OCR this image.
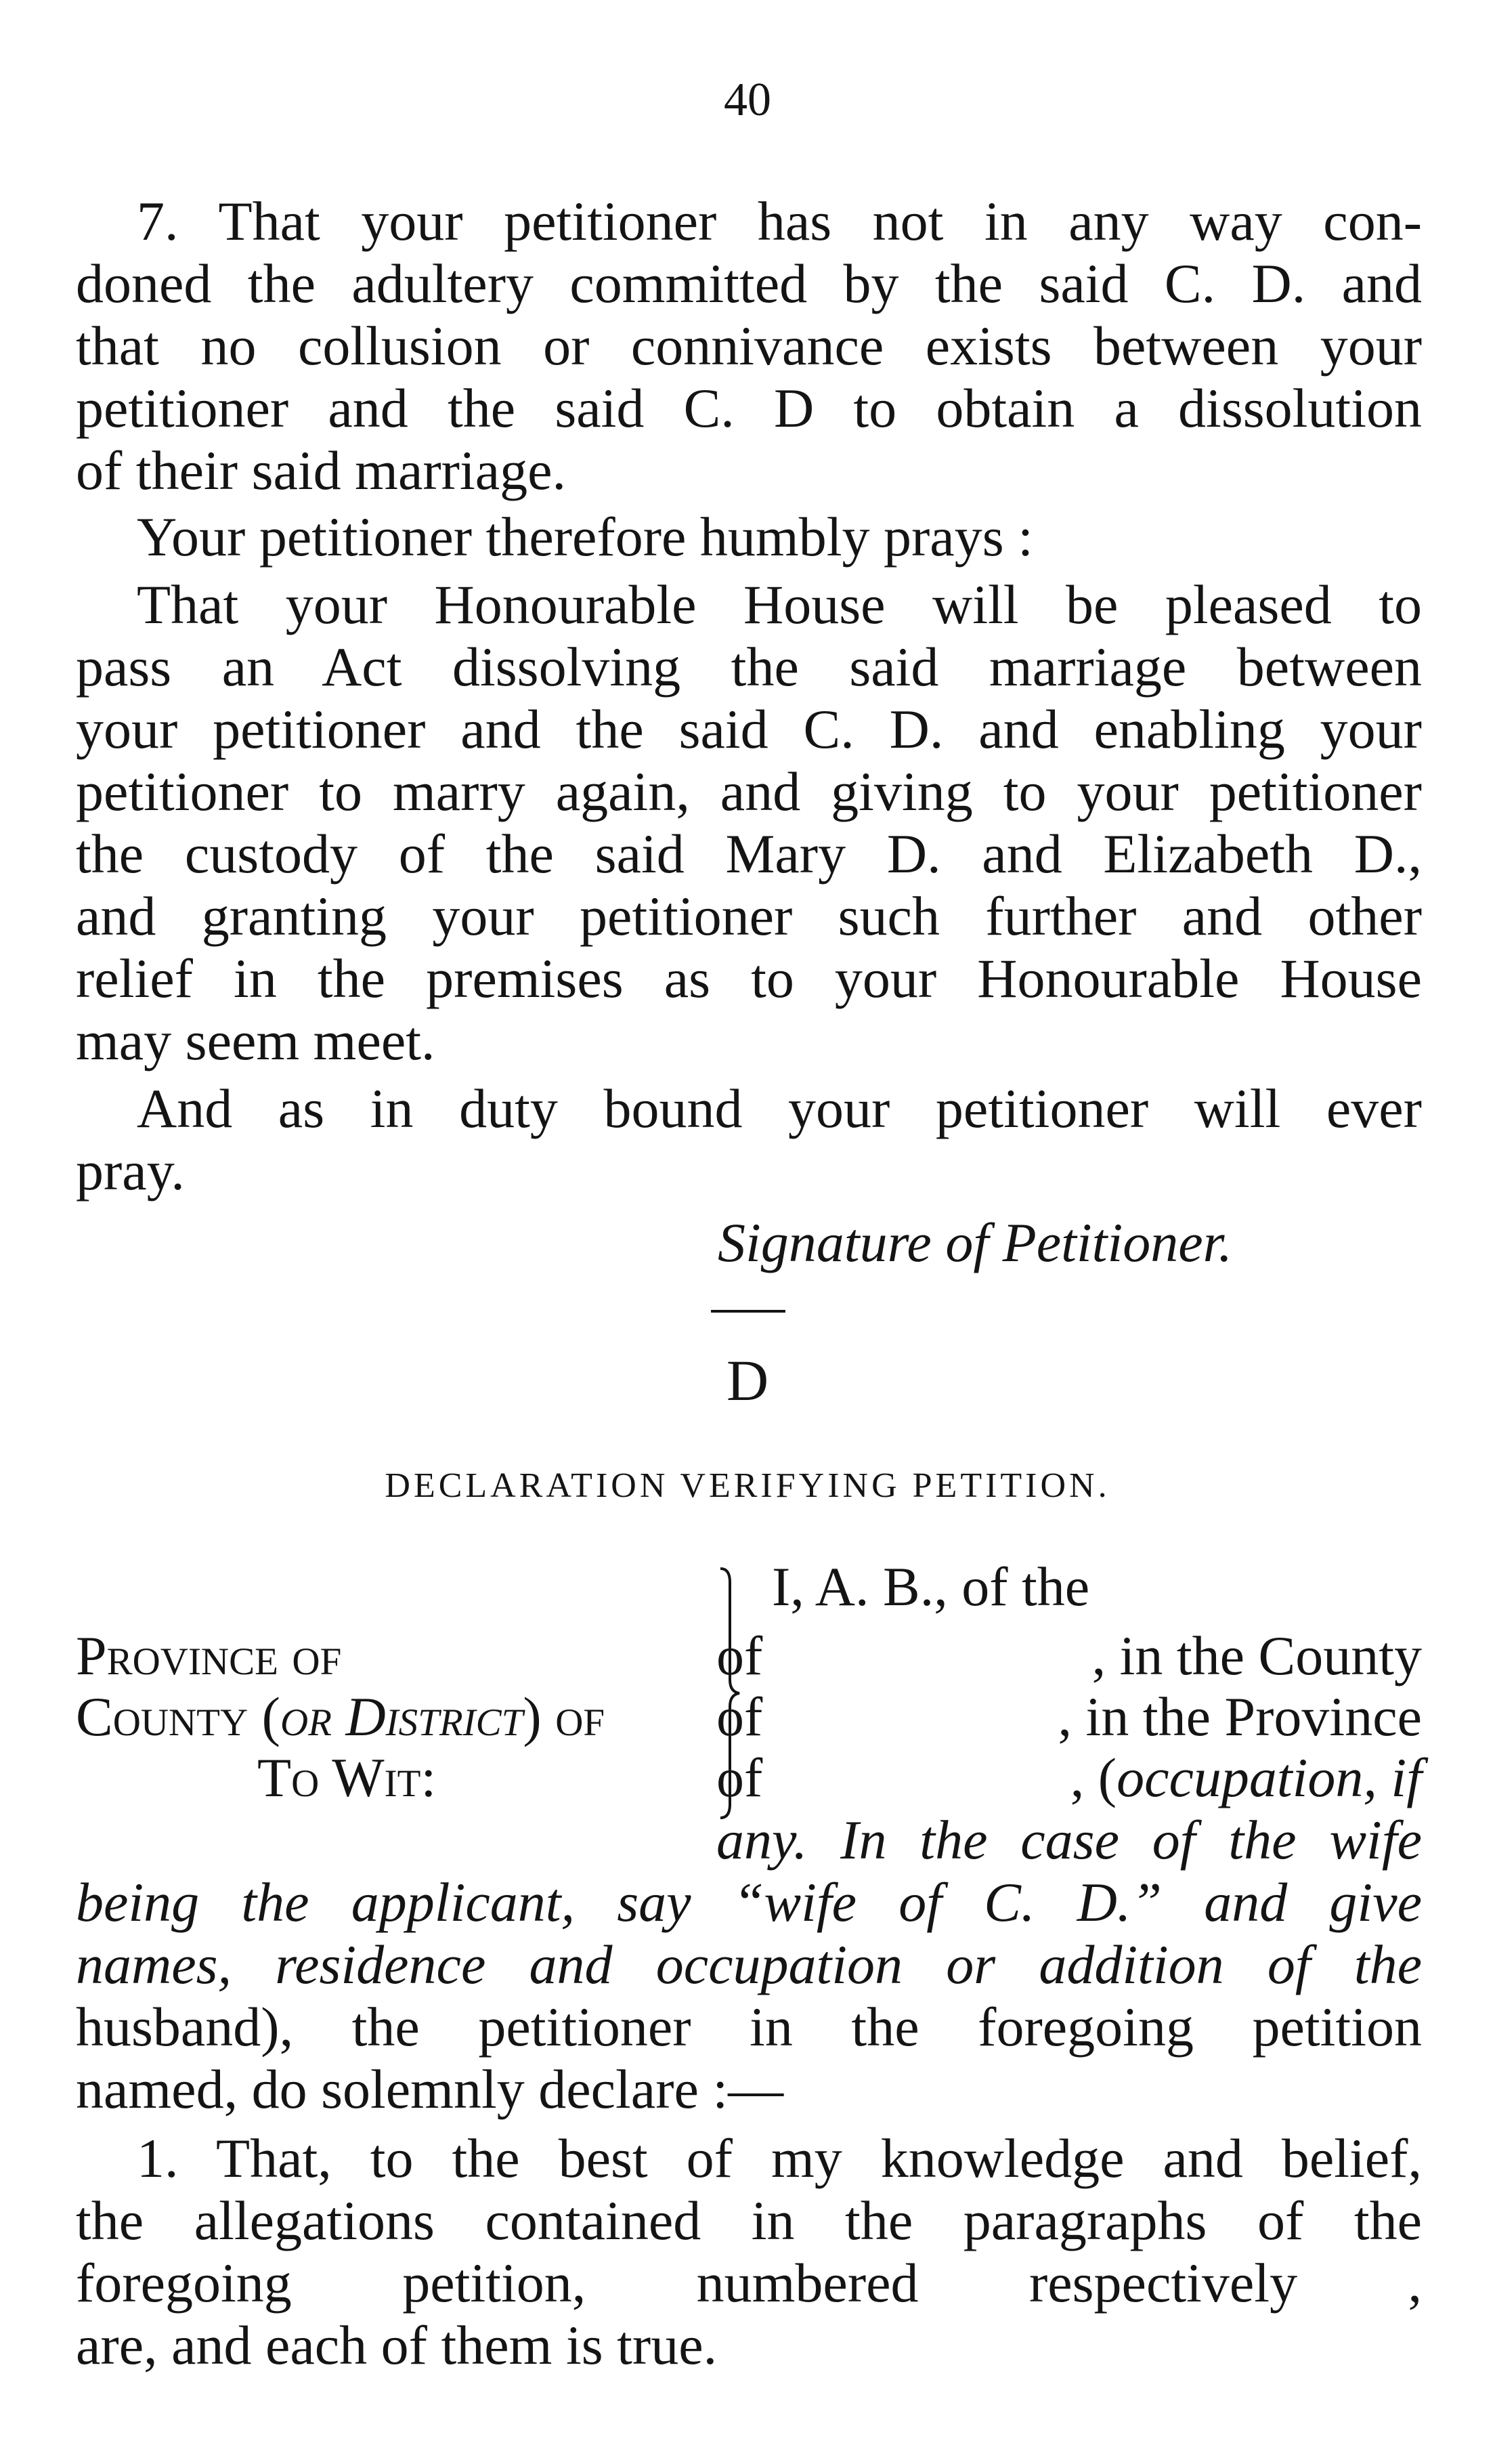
40
7. That your petitioner has not in any way con-
doned the adultery committed by the said C. D. and
that no collusion or connivance exists between your
petitioner and the said C. D to obtain a dissolution
of their said marriage.
Your petitioner therefore humbly prays :
That your Honourable House will be pleased to
pass an Act dissolving the said marriage between
your petitioner and the said C. D. and enabling your
petitioner to marry again, and giving to your petitioner
the custody of the said Mary D. and Elizabeth D.,
and granting your petitioner such further and other
relief in the premises as to your Honourable House
may seem meet.
And as in duty bound your petitioner will ever
pray.
Signature of Petitioner.
D
DECLARATION VERIFYING PETITION.
Province of
County (or District) of
To Wit:
I, A. B., of the
of	, in the County
of	, in the Province
of	, (occupation, if
any. In the case of the wife
being the applicant, say “wife of C. D.” and give
names, residence and occupation or addition of the
husband), the petitioner in the foregoing petition
named, do solemnly declare :—
1. That, to the best of my knowledge and belief,
the allegations contained in the paragraphs of the
foregoing petition, numbered respectively ,
are, and each of them is true.
